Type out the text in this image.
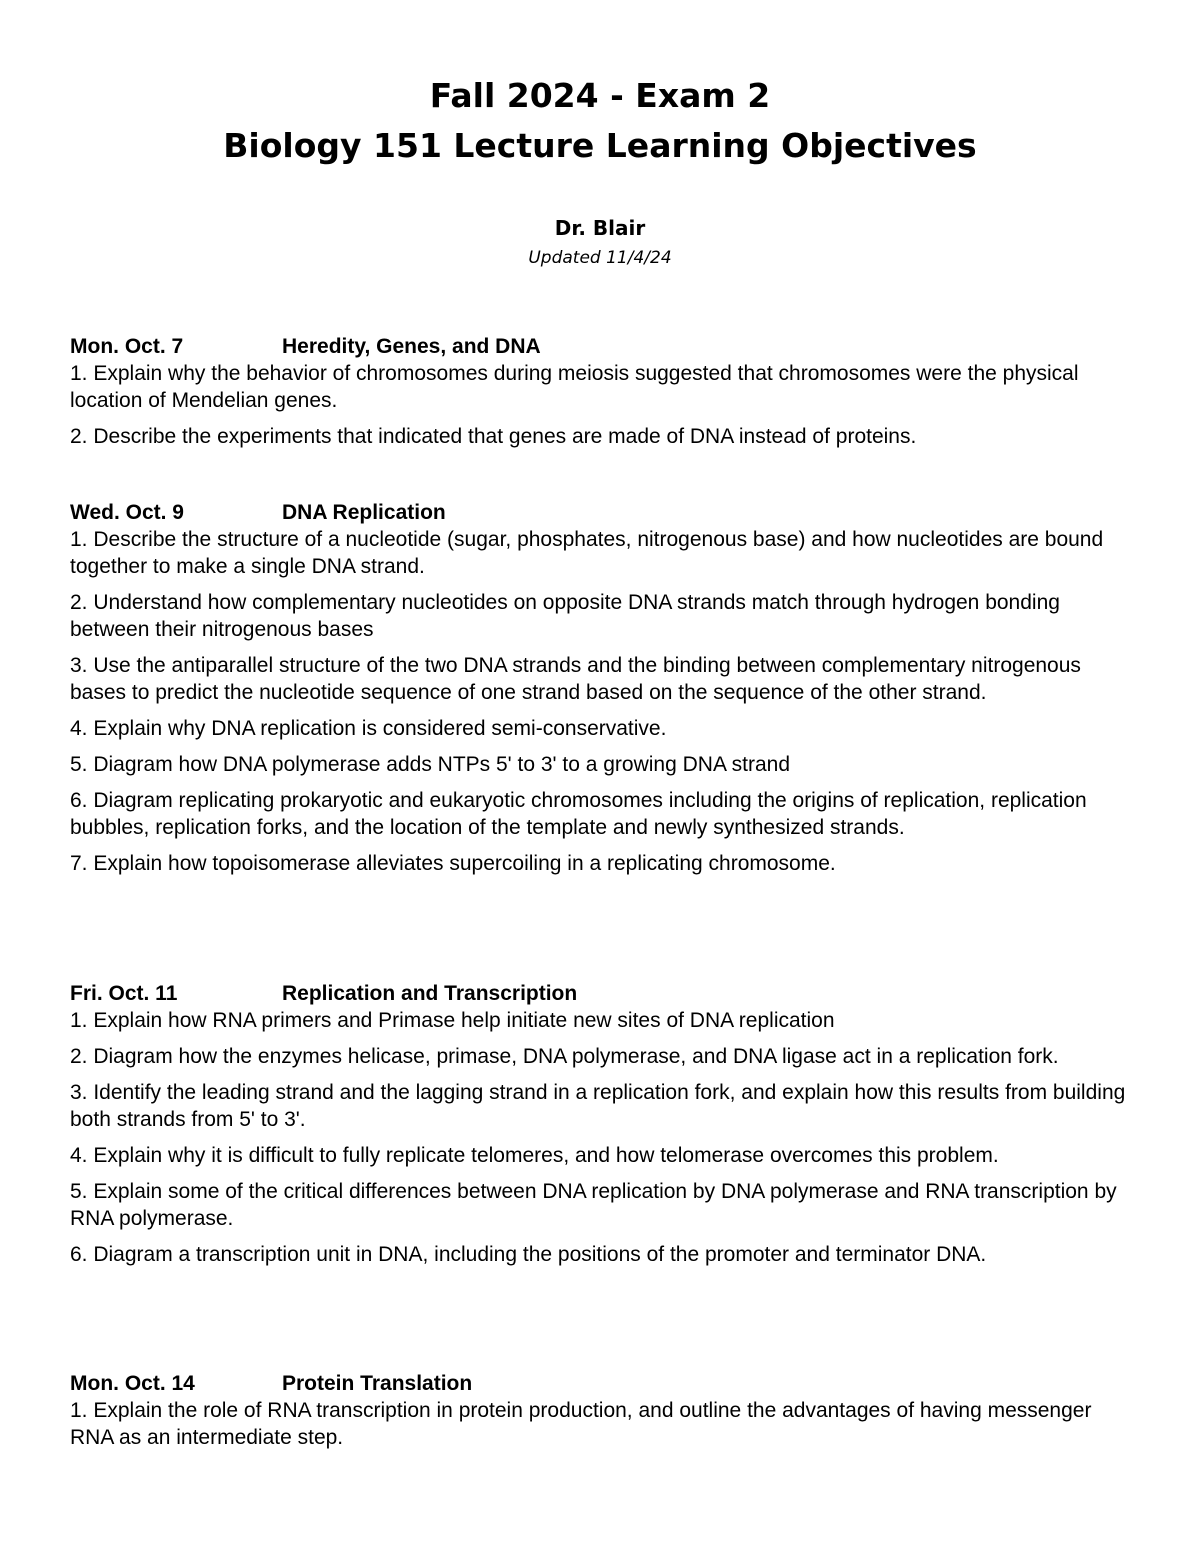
Fall 2024 - Exam 2
Biology 151 Lecture Learning Objectives
Dr. Blair
Updated 11/4/24
Mon. Oct. 7	Heredity, Genes, and DNA
1. Explain why the behavior of chromosomes during meiosis suggested that chromosomes were the physical location of Mendelian genes.
2. Describe the experiments that indicated that genes are made of DNA instead of proteins.
Wed. Oct. 9	DNA Replication
1. Describe the structure of a nucleotide (sugar, phosphates, nitrogenous base) and how nucleotides are bound together to make a single DNA strand.
2. Understand how complementary nucleotides on opposite DNA strands match through hydrogen bonding between their nitrogenous bases
3. Use the antiparallel structure of the two DNA strands and the binding between complementary nitrogenous bases to predict the nucleotide sequence of one strand based on the sequence of the other strand.
4. Explain why DNA replication is considered semi-conservative.
5. Diagram how DNA polymerase adds NTPs 5' to 3' to a growing DNA strand
6. Diagram replicating prokaryotic and eukaryotic chromosomes including the origins of replication, replication bubbles, replication forks, and the location of the template and newly synthesized strands.
7. Explain how topoisomerase alleviates supercoiling in a replicating chromosome.
Fri. Oct. 11	Replication and Transcription
1. Explain how RNA primers and Primase help initiate new sites of DNA replication
2. Diagram how the enzymes helicase, primase, DNA polymerase, and DNA ligase act in a replication fork.
3. Identify the leading strand and the lagging strand in a replication fork, and explain how this results from building both strands from 5' to 3'.
4. Explain why it is difficult to fully replicate telomeres, and how telomerase overcomes this problem.
5. Explain some of the critical differences between DNA replication by DNA polymerase and RNA transcription by RNA polymerase.
6. Diagram a transcription unit in DNA, including the positions of the promoter and terminator DNA.
Mon. Oct. 14	Protein Translation
1. Explain the role of RNA transcription in protein production, and outline the advantages of having messenger RNA as an intermediate step.
